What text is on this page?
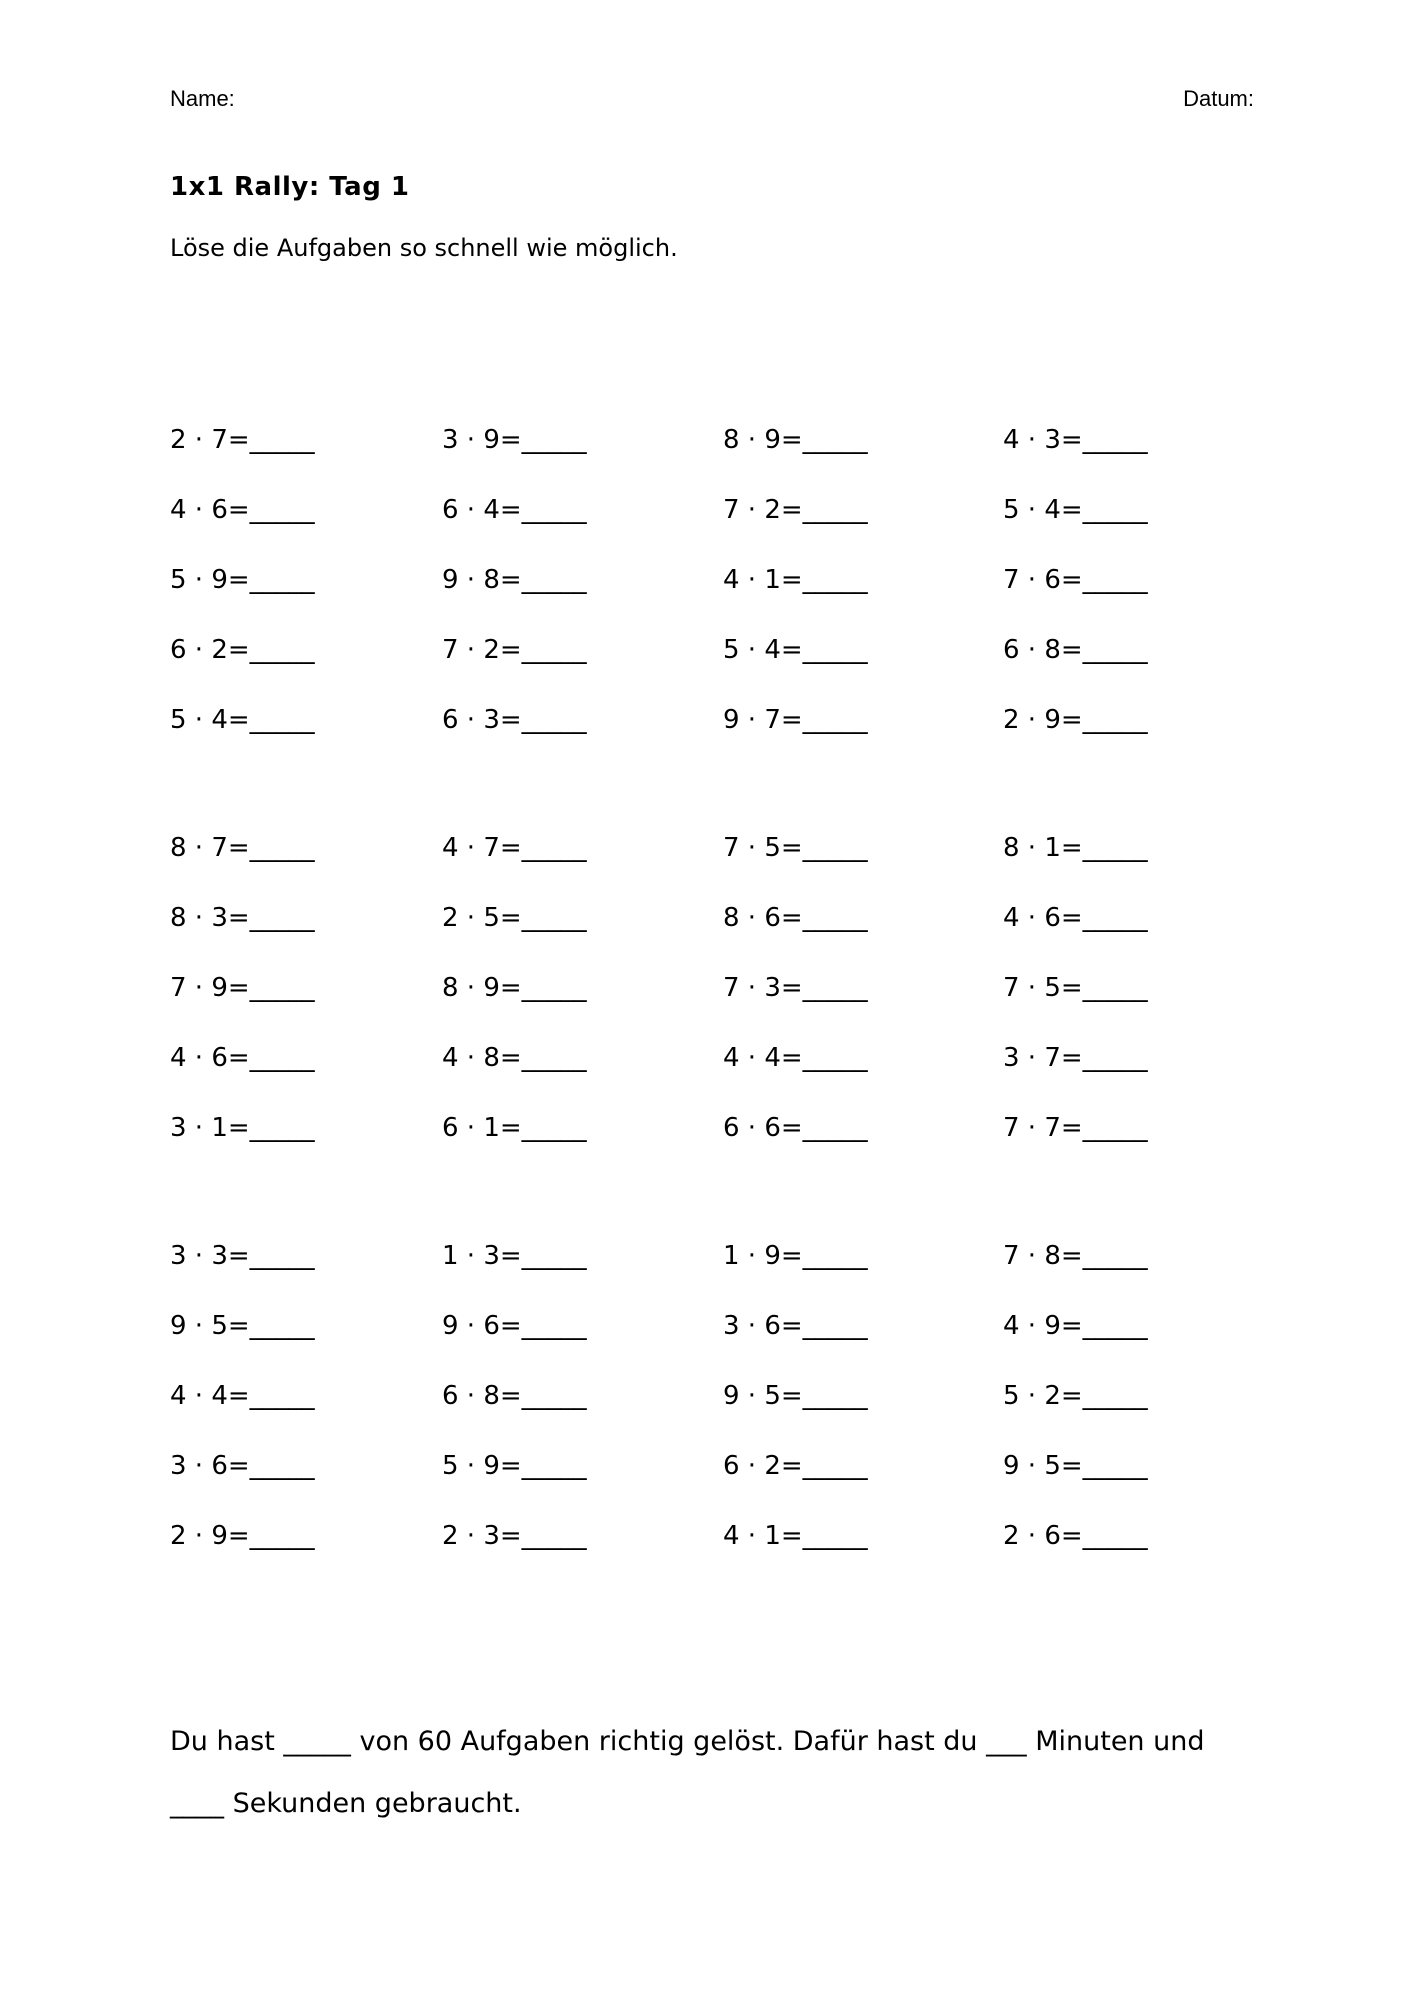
Name:	Datum:
1x1 Rally: Tag 1
Löse die Aufgaben so schnell wie möglich.
2 · 7=_____
4 · 6=_____
5 · 9=_____
6 · 2=_____
5 · 4=_____
3 · 9=_____
6 · 4=_____
9 · 8=_____
7 · 2=_____
6 · 3=_____
8 · 9=_____
7 · 2=_____
4 · 1=_____
5 · 4=_____
9 · 7=_____
4 · 3=_____
5 · 4=_____
7 · 6=_____
6 · 8=_____
2 · 9=_____
8 · 7=_____
8 · 3=_____
7 · 9=_____
4 · 6=_____
3 · 1=_____
4 · 7=_____
2 · 5=_____
8 · 9=_____
4 · 8=_____
6 · 1=_____
7 · 5=_____
8 · 6=_____
7 · 3=_____
4 · 4=_____
6 · 6=_____
8 · 1=_____
4 · 6=_____
7 · 5=_____
3 · 7=_____
7 · 7=_____
3 · 3=_____
9 · 5=_____
4 · 4=_____
3 · 6=_____
2 · 9=_____
1 · 3=_____
9 · 6=_____
6 · 8=_____
5 · 9=_____
2 · 3=_____
1 · 9=_____
3 · 6=_____
9 · 5=_____
6 · 2=_____
4 · 1=_____
7 · 8=_____
4 · 9=_____
5 · 2=_____
9 · 5=_____
2 · 6=_____
Du hast _____ von 60 Aufgaben richtig gelöst. Dafür hast du ___ Minuten und
____ Sekunden gebraucht.
